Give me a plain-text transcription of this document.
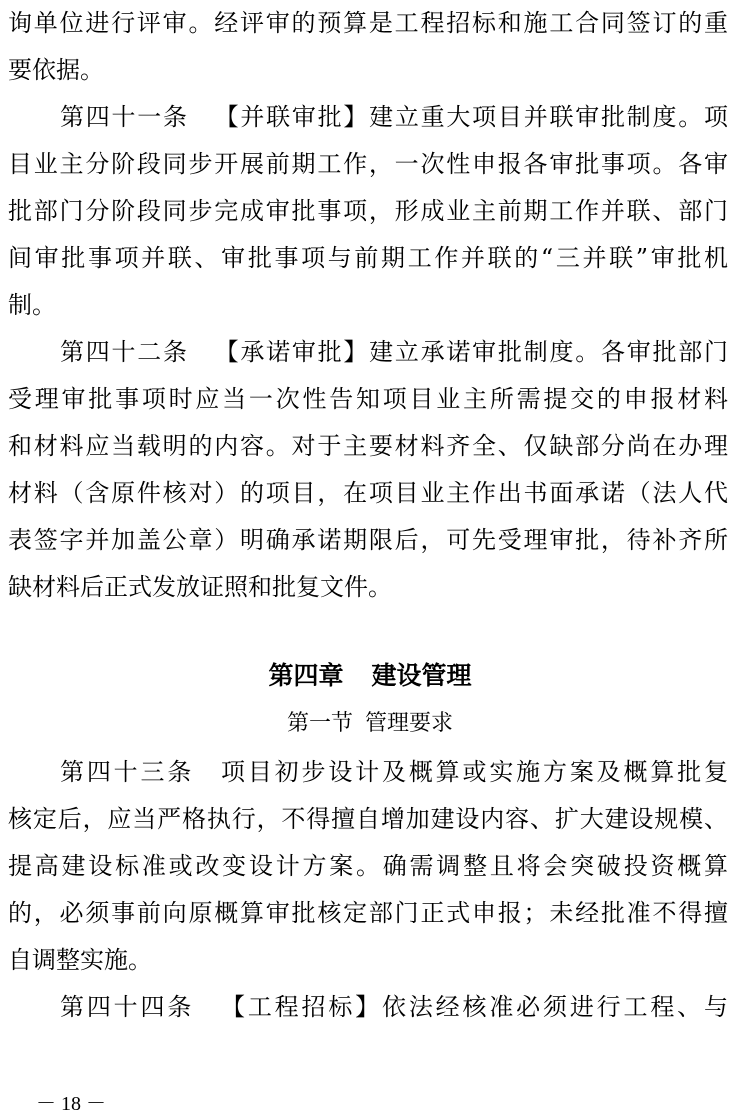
询单位进行评审。经评审的预算是工程招标和施工合同签订的重
要依据。
第四十一条 【并联审批】建立重大项目并联审批制度。项
目业主分阶段同步开展前期工作，一次性申报各审批事项。各审
批部门分阶段同步完成审批事项，形成业主前期工作并联、部门
间审批事项并联、审批事项与前期工作并联的“三并联”审批机
制。
第四十二条 【承诺审批】建立承诺审批制度。各审批部门
受理审批事项时应当一次性告知项目业主所需提交的申报材料
和材料应当载明的内容。对于主要材料齐全、仅缺部分尚在办理
材料（含原件核对）的项目，在项目业主作出书面承诺（法人代
表签字并加盖公章）明确承诺期限后，可先受理审批，待补齐所
缺材料后正式发放证照和批复文件。
第四章 建设管理
第一节 管理要求
第四十三条 项目初步设计及概算或实施方案及概算批复
核定后，应当严格执行，不得擅自增加建设内容、扩大建设规模、
提高建设标准或改变设计方案。确需调整且将会突破投资概算
的，必须事前向原概算审批核定部门正式申报；未经批准不得擅
自调整实施。
第四十四条 【工程招标】依法经核准必须进行工程、与
－ 18 －
